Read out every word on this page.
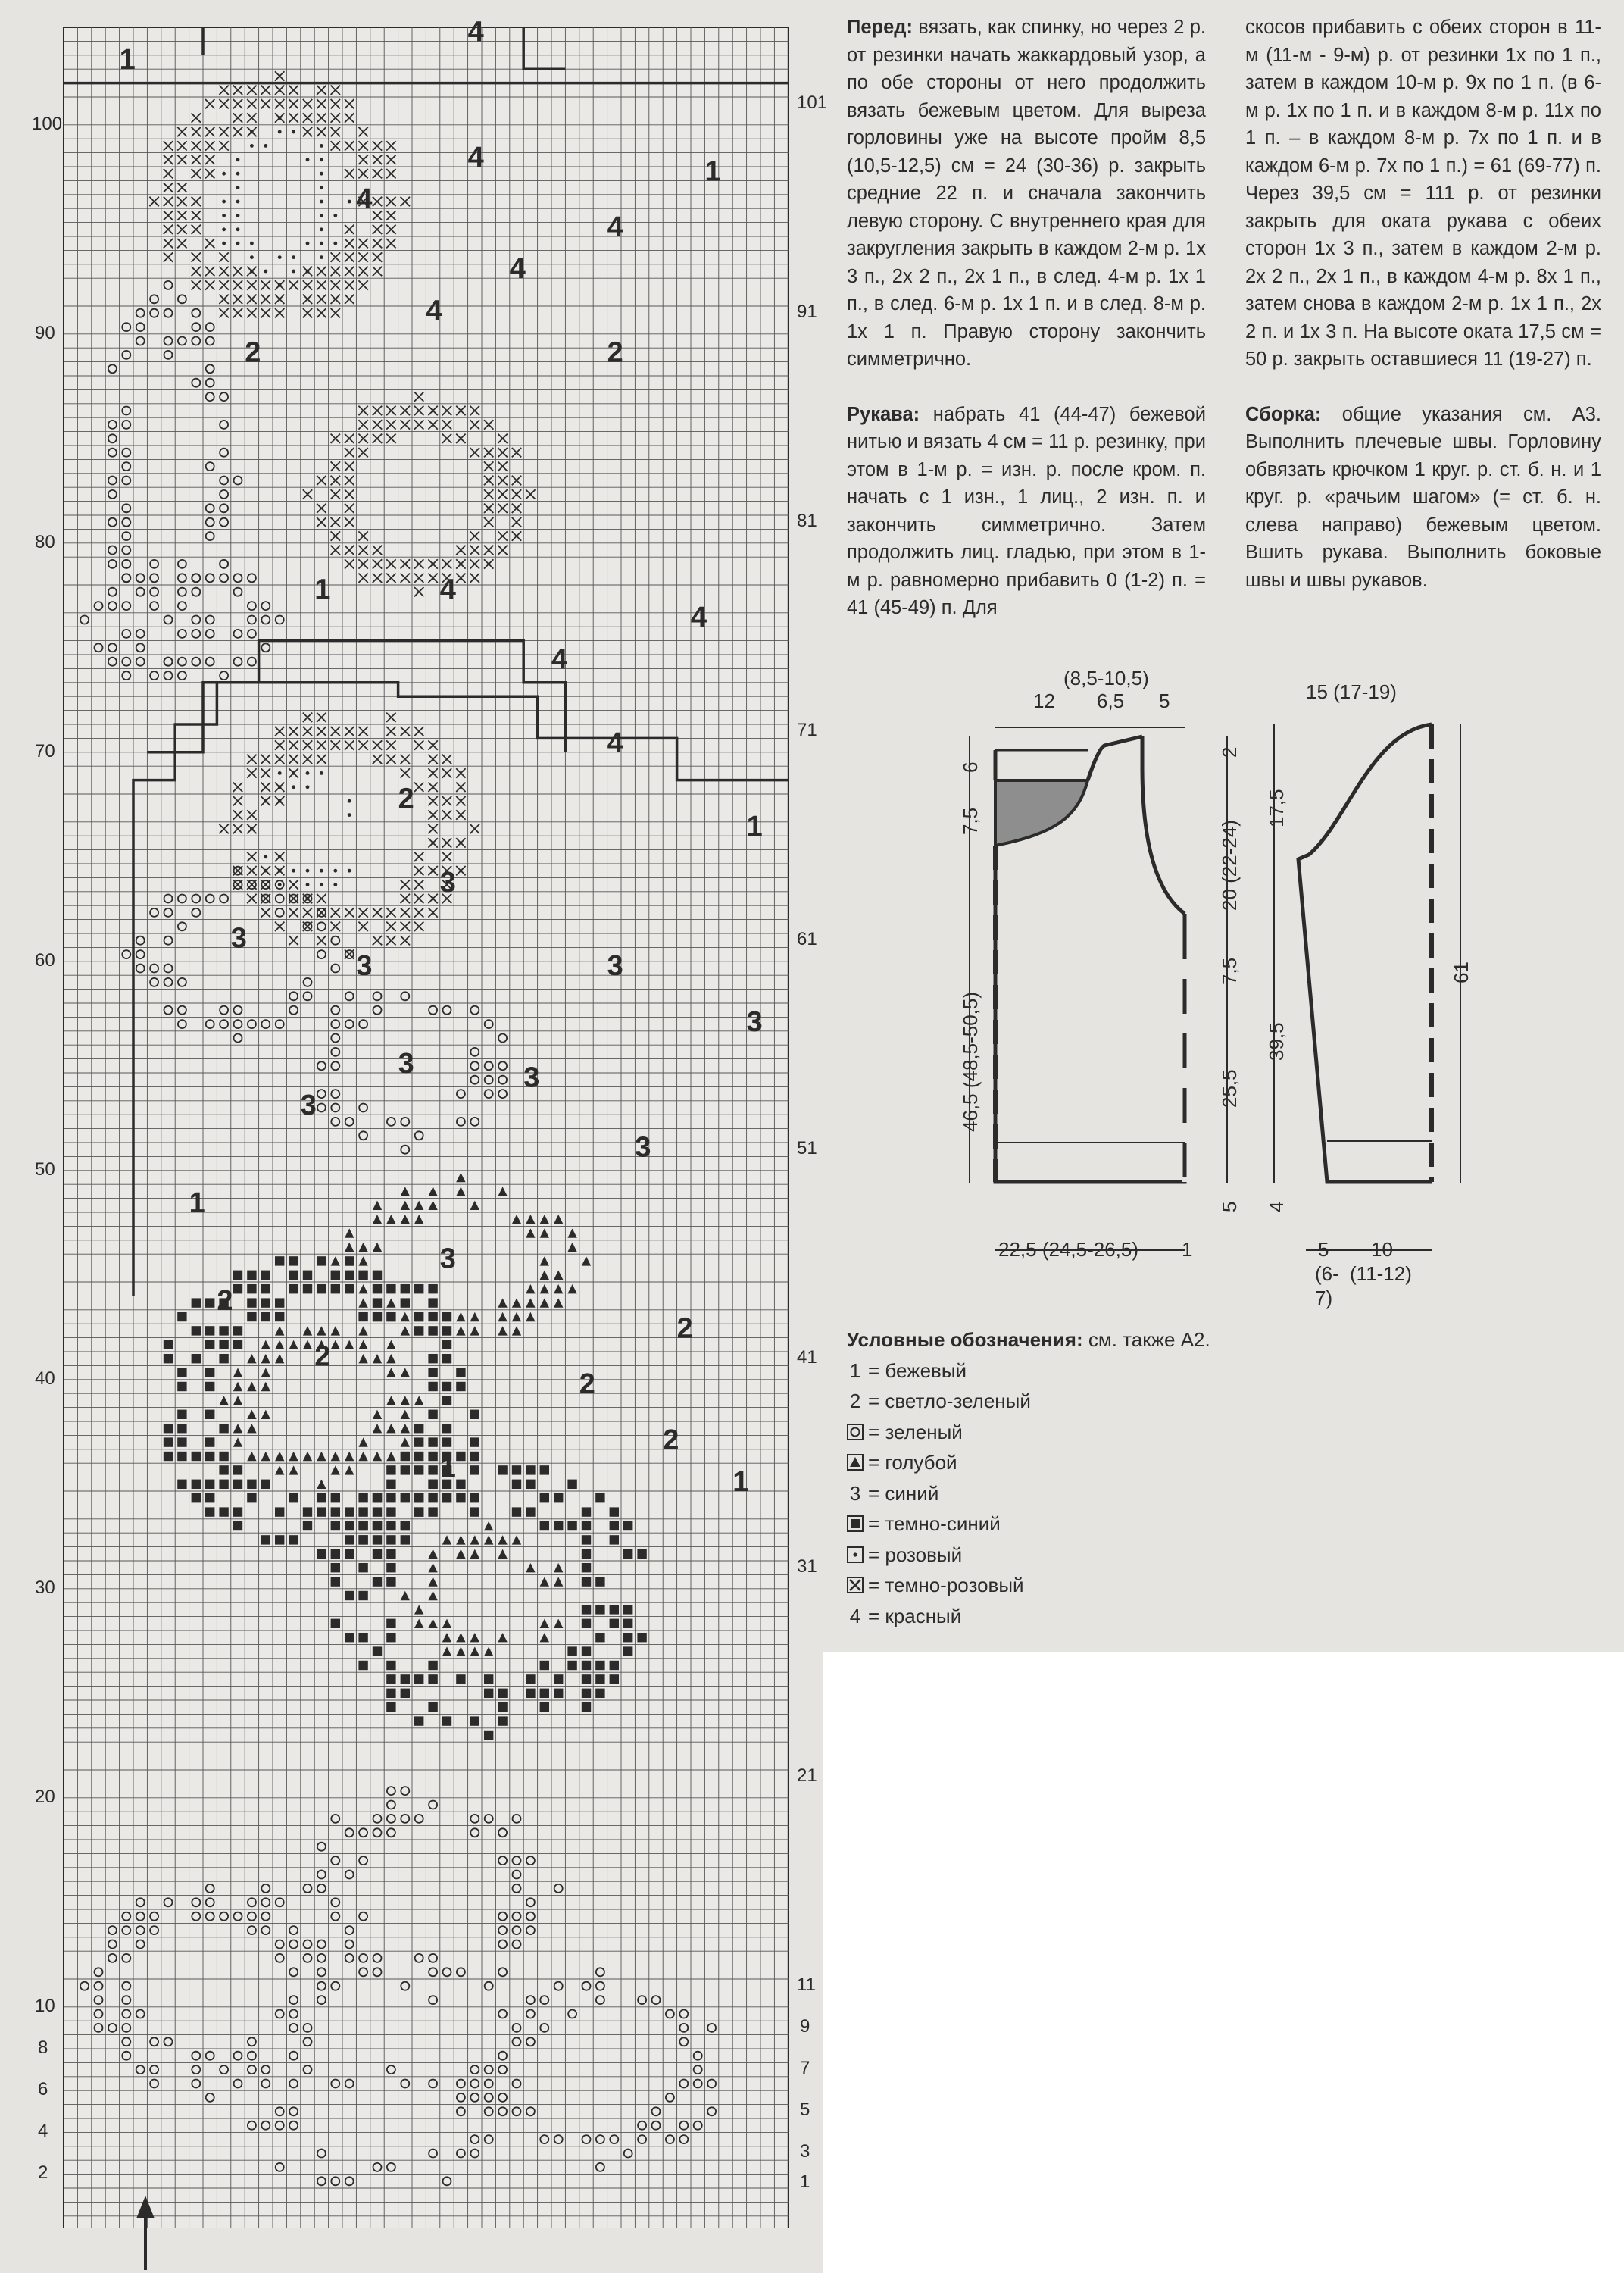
1
4
4	1
4
4
4
4
2	2
1	4
4
4
4
2
1
3
3
3	3
3
3	3
3
3
1
3
2
2
2
2
2
1	1
100
90
80
70
60
50
40
30
20
10
8
6
4
2
101
91
81
71
61
51
41
31
21
11
9
7
5
3
1

Перед: вязать, как спинку, но через 2 р. от резинки начать жаккардовый узор, а по обе стороны от него продолжить вязать бежевым цветом. Для выреза горловины уже на высоте пройм 8,5 (10,5-12,5) см = 24 (30-36) р. закрыть средние 22 п. и сначала закончить левую сторону. С внутреннего края для закругления закрыть в каждом 2-м р. 1х 3 п., 2х 2 п., 2х 1 п., в след. 4-м р. 1х 1 п., в след. 6-м р. 1х 1 п. и в след. 8-м р. 1х 1 п. Правую сторону закончить симметрично.

Рукава: набрать 41 (44-47) бежевой нитью и вязать 4 см = 11 р. резинку, при этом в 1-м р. = изн. р. после кром. п. начать с 1 изн., 1 лиц., 2 изн. п. и закончить симметрично. Затем продолжить лиц. гладью, при этом в 1-м р. равномерно прибавить 0 (1-2) п. = 41 (45-49) п. Для

скосов прибавить с обеих сторон в 11-м (11-м - 9-м) р. от резинки 1х по 1 п., затем в каждом 10-м р. 9х по 1 п. (в 6-м р. 1х по 1 п. и в каждом 8-м р. 11х по 1 п. – в каждом 8-м р. 7х по 1 п. и в каждом 6-м р. 7х по 1 п.) = 61 (69-77) п. Через 39,5 см = 111 р. от резинки закрыть для оката рукава с обеих сторон 1х 3 п., затем в каждом 2-м р. 2х 2 п., 2х 1 п., в каждом 4-м р. 8х 1 п., затем снова в каждом 2-м р. 1х 1 п., 2х 2 п. и 1х 3 п. На высоте оката 17,5 см = 50 р. закрыть оставшиеся 11 (19-27) п.

Сборка: общие указания см. А3. Выполнить плечевые швы. Горловину обвязать крючком 1 круг. р. ст. б. н. и 1 круг. р. «рачьим шагом» (= ст. б. н. слева направо) бежевым цветом. Вшить рукава. Выполнить боковые швы и швы рукавов.

(8,5-10,5)
12 6,5 5
6
7,5
46,5 (48,5-50,5)
2
20 (22-24)
7,5
25,5
5
22,5 (24,5-26,5) 1
15 (17-19)
17,5
39,5
4
61
5 10
(6- (11-12)
7)
Условные обозначения: см. также А2.
1 = бежевый
2 = светло-зеленый
= зеленый
= голубой
3 = синий
= темно-синий
= розовый
= темно-розовый
4 = красный
